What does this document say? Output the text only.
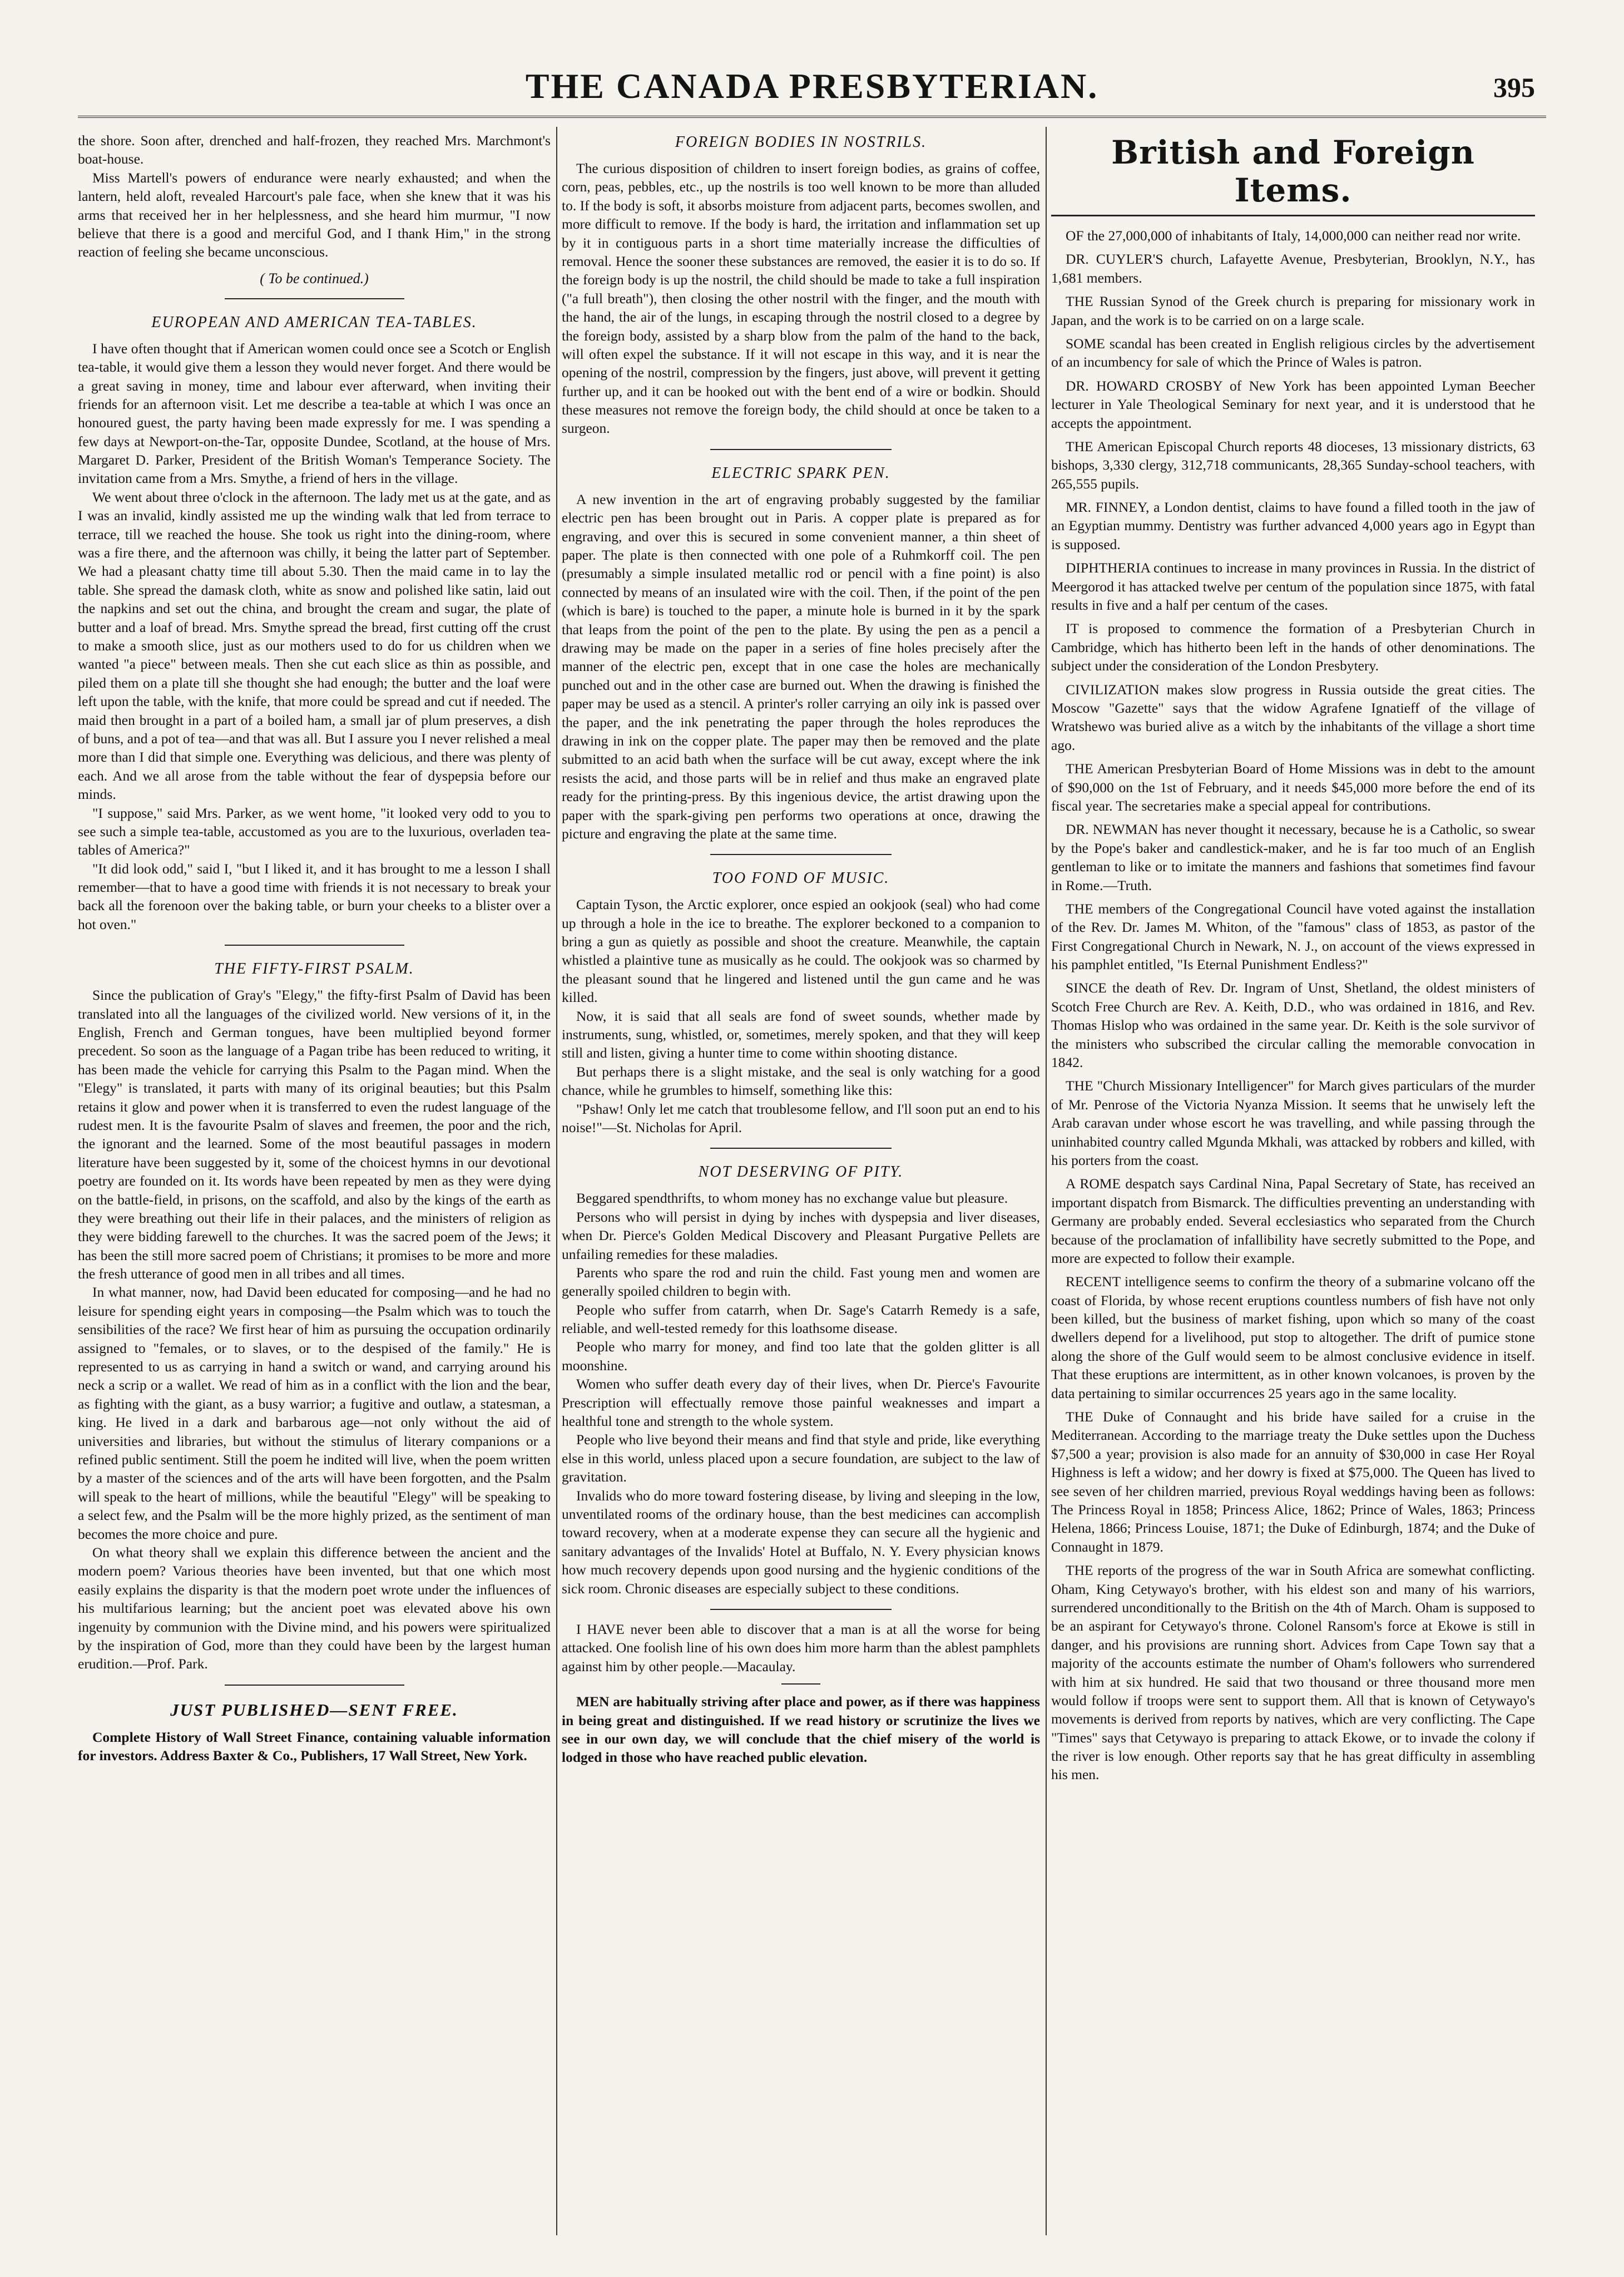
THE CANADA PRESBYTERIAN.	395

the shore. Soon after, drenched and half-frozen, they reached Mrs. Marchmont's boat-house.

Miss Martell's powers of endurance were nearly exhausted; and when the lantern, held aloft, revealed Harcourt's pale face, when she knew that it was his arms that received her in her helplessness, and she heard him murmur, "I now believe that there is a good and merciful God, and I thank Him," in the strong reaction of feeling she became unconscious.

( To be continued.)
EUROPEAN AND AMERICAN TEA-TABLES.

I have often thought that if American women could once see a Scotch or English tea-table, it would give them a lesson they would never forget. And there would be a great saving in money, time and labour ever afterward, when inviting their friends for an afternoon visit. Let me describe a tea-table at which I was once an honoured guest, the party having been made expressly for me. I was spending a few days at Newport-on-the-Tar, opposite Dundee, Scotland, at the house of Mrs. Margaret D. Parker, President of the British Woman's Temperance Society. The invitation came from a Mrs. Smythe, a friend of hers in the village.

We went about three o'clock in the afternoon. The lady met us at the gate, and as I was an invalid, kindly assisted me up the winding walk that led from terrace to terrace, till we reached the house. She took us right into the dining-room, where was a fire there, and the afternoon was chilly, it being the latter part of September. We had a pleasant chatty time till about 5.30. Then the maid came in to lay the table. She spread the damask cloth, white as snow and polished like satin, laid out the napkins and set out the china, and brought the cream and sugar, the plate of butter and a loaf of bread. Mrs. Smythe spread the bread, first cutting off the crust to make a smooth slice, just as our mothers used to do for us children when we wanted "a piece" between meals. Then she cut each slice as thin as possible, and piled them on a plate till she thought she had enough; the butter and the loaf were left upon the table, with the knife, that more could be spread and cut if needed. The maid then brought in a part of a boiled ham, a small jar of plum preserves, a dish of buns, and a pot of tea—and that was all. But I assure you I never relished a meal more than I did that simple one. Everything was delicious, and there was plenty of each. And we all arose from the table without the fear of dyspepsia before our minds.

"I suppose," said Mrs. Parker, as we went home, "it looked very odd to you to see such a simple tea-table, accustomed as you are to the luxurious, overladen tea-tables of America?"

"It did look odd," said I, "but I liked it, and it has brought to me a lesson I shall remember—that to have a good time with friends it is not necessary to break your back all the forenoon over the baking table, or burn your cheeks to a blister over a hot oven."

THE FIFTY-FIRST PSALM.

Since the publication of Gray's "Elegy," the fifty-first Psalm of David has been translated into all the languages of the civilized world. New versions of it, in the English, French and German tongues, have been multiplied beyond former precedent. So soon as the language of a Pagan tribe has been reduced to writing, it has been made the vehicle for carrying this Psalm to the Pagan mind. When the "Elegy" is translated, it parts with many of its original beauties; but this Psalm retains it glow and power when it is transferred to even the rudest language of the rudest men. It is the favourite Psalm of slaves and freemen, the poor and the rich, the ignorant and the learned. Some of the most beautiful passages in modern literature have been suggested by it, some of the choicest hymns in our devotional poetry are founded on it. Its words have been repeated by men as they were dying on the battle-field, in prisons, on the scaffold, and also by the kings of the earth as they were breathing out their life in their palaces, and the ministers of religion as they were bidding farewell to the churches. It was the sacred poem of the Jews; it has been the still more sacred poem of Christians; it promises to be more and more the fresh utterance of good men in all tribes and all times.

In what manner, now, had David been educated for composing—and he had no leisure for spending eight years in composing—the Psalm which was to touch the sensibilities of the race? We first hear of him as pursuing the occupation ordinarily assigned to "females, or to slaves, or to the despised of the family." He is represented to us as carrying in hand a switch or wand, and carrying around his neck a scrip or a wallet. We read of him as in a conflict with the lion and the bear, as fighting with the giant, as a busy warrior; a fugitive and outlaw, a statesman, a king. He lived in a dark and barbarous age—not only without the aid of universities and libraries, but without the stimulus of literary companions or a refined public sentiment. Still the poem he indited will live, when the poem written by a master of the sciences and of the arts will have been forgotten, and the Psalm will speak to the heart of millions, while the beautiful "Elegy" will be speaking to a select few, and the Psalm will be the more highly prized, as the sentiment of man becomes the more choice and pure.

On what theory shall we explain this difference between the ancient and the modern poem? Various theories have been invented, but that one which most easily explains the disparity is that the modern poet wrote under the influences of his multifarious learning; but the ancient poet was elevated above his own ingenuity by communion with the Divine mind, and his powers were spiritualized by the inspiration of God, more than they could have been by the largest human erudition.—Prof. Park.

JUST PUBLISHED—SENT FREE.

Complete History of Wall Street Finance, containing valuable information for investors. Address Baxter & Co., Publishers, 17 Wall Street, New York.

FOREIGN BODIES IN NOSTRILS.

The curious disposition of children to insert foreign bodies, as grains of coffee, corn, peas, pebbles, etc., up the nostrils is too well known to be more than alluded to. If the body is soft, it absorbs moisture from adjacent parts, becomes swollen, and more difficult to remove. If the body is hard, the irritation and inflammation set up by it in contiguous parts in a short time materially increase the difficulties of removal. Hence the sooner these substances are removed, the easier it is to do so. If the foreign body is up the nostril, the child should be made to take a full inspiration ("a full breath"), then closing the other nostril with the finger, and the mouth with the hand, the air of the lungs, in escaping through the nostril closed to a degree by the foreign body, assisted by a sharp blow from the palm of the hand to the back, will often expel the substance. If it will not escape in this way, and it is near the opening of the nostril, compression by the fingers, just above, will prevent it getting further up, and it can be hooked out with the bent end of a wire or bodkin. Should these measures not remove the foreign body, the child should at once be taken to a surgeon.

ELECTRIC SPARK PEN.

A new invention in the art of engraving probably suggested by the familiar electric pen has been brought out in Paris. A copper plate is prepared as for engraving, and over this is secured in some convenient manner, a thin sheet of paper. The plate is then connected with one pole of a Ruhmkorff coil. The pen (presumably a simple insulated metallic rod or pencil with a fine point) is also connected by means of an insulated wire with the coil. Then, if the point of the pen (which is bare) is touched to the paper, a minute hole is burned in it by the spark that leaps from the point of the pen to the plate. By using the pen as a pencil a drawing may be made on the paper in a series of fine holes precisely after the manner of the electric pen, except that in one case the holes are mechanically punched out and in the other case are burned out. When the drawing is finished the paper may be used as a stencil. A printer's roller carrying an oily ink is passed over the paper, and the ink penetrating the paper through the holes reproduces the drawing in ink on the copper plate. The paper may then be removed and the plate submitted to an acid bath when the surface will be cut away, except where the ink resists the acid, and those parts will be in relief and thus make an engraved plate ready for the printing-press. By this ingenious device, the artist drawing upon the paper with the spark-giving pen performs two operations at once, drawing the picture and engraving the plate at the same time.

TOO FOND OF MUSIC.

Captain Tyson, the Arctic explorer, once espied an ookjook (seal) who had come up through a hole in the ice to breathe. The explorer beckoned to a companion to bring a gun as quietly as possible and shoot the creature. Meanwhile, the captain whistled a plaintive tune as musically as he could. The ookjook was so charmed by the pleasant sound that he lingered and listened until the gun came and he was killed.

Now, it is said that all seals are fond of sweet sounds, whether made by instruments, sung, whistled, or, sometimes, merely spoken, and that they will keep still and listen, giving a hunter time to come within shooting distance.

But perhaps there is a slight mistake, and the seal is only watching for a good chance, while he grumbles to himself, something like this:

"Pshaw! Only let me catch that troublesome fellow, and I'll soon put an end to his noise!"—St. Nicholas for April.

NOT DESERVING OF PITY.

Beggared spendthrifts, to whom money has no exchange value but pleasure.

Persons who will persist in dying by inches with dyspepsia and liver diseases, when Dr. Pierce's Golden Medical Discovery and Pleasant Purgative Pellets are unfailing remedies for these maladies.

Parents who spare the rod and ruin the child. Fast young men and women are generally spoiled children to begin with.

People who suffer from catarrh, when Dr. Sage's Catarrh Remedy is a safe, reliable, and well-tested remedy for this loathsome disease.

People who marry for money, and find too late that the golden glitter is all moonshine.

Women who suffer death every day of their lives, when Dr. Pierce's Favourite Prescription will effectually remove those painful weaknesses and impart a healthful tone and strength to the whole system.

People who live beyond their means and find that style and pride, like everything else in this world, unless placed upon a secure foundation, are subject to the law of gravitation.

Invalids who do more toward fostering disease, by living and sleeping in the low, unventilated rooms of the ordinary house, than the best medicines can accomplish toward recovery, when at a moderate expense they can secure all the hygienic and sanitary advantages of the Invalids' Hotel at Buffalo, N. Y. Every physician knows how much recovery depends upon good nursing and the hygienic conditions of the sick room. Chronic diseases are especially subject to these conditions.

I HAVE never been able to discover that a man is at all the worse for being attacked. One foolish line of his own does him more harm than the ablest pamphlets against him by other people.—Macaulay.

MEN are habitually striving after place and power, as if there was happiness in being great and distinguished. If we read history or scrutinize the lives we see in our own day, we will conclude that the chief misery of the world is lodged in those who have reached public elevation.

British and Foreign Items.

OF the 27,000,000 of inhabitants of Italy, 14,000,000 can neither read nor write.

DR. CUYLER'S church, Lafayette Avenue, Presbyterian, Brooklyn, N.Y., has 1,681 members.

THE Russian Synod of the Greek church is preparing for missionary work in Japan, and the work is to be carried on on a large scale.

SOME scandal has been created in English religious circles by the advertisement of an incumbency for sale of which the Prince of Wales is patron.

DR. HOWARD CROSBY of New York has been appointed Lyman Beecher lecturer in Yale Theological Seminary for next year, and it is understood that he accepts the appointment.

THE American Episcopal Church reports 48 dioceses, 13 missionary districts, 63 bishops, 3,330 clergy, 312,718 communicants, 28,365 Sunday-school teachers, with 265,555 pupils.

MR. FINNEY, a London dentist, claims to have found a filled tooth in the jaw of an Egyptian mummy. Dentistry was further advanced 4,000 years ago in Egypt than is supposed.

DIPHTHERIA continues to increase in many provinces in Russia. In the district of Meergorod it has attacked twelve per centum of the population since 1875, with fatal results in five and a half per centum of the cases.

IT is proposed to commence the formation of a Presbyterian Church in Cambridge, which has hitherto been left in the hands of other denominations. The subject under the consideration of the London Presbytery.

CIVILIZATION makes slow progress in Russia outside the great cities. The Moscow "Gazette" says that the widow Agrafene Ignatieff of the village of Wratshewo was buried alive as a witch by the inhabitants of the village a short time ago.

THE American Presbyterian Board of Home Missions was in debt to the amount of $90,000 on the 1st of February, and it needs $45,000 more before the end of its fiscal year. The secretaries make a special appeal for contributions.

DR. NEWMAN has never thought it necessary, because he is a Catholic, so swear by the Pope's baker and candlestick-maker, and he is far too much of an English gentleman to like or to imitate the manners and fashions that sometimes find favour in Rome.—Truth.

THE members of the Congregational Council have voted against the installation of the Rev. Dr. James M. Whiton, of the "famous" class of 1853, as pastor of the First Congregational Church in Newark, N. J., on account of the views expressed in his pamphlet entitled, "Is Eternal Punishment Endless?"

SINCE the death of Rev. Dr. Ingram of Unst, Shetland, the oldest ministers of Scotch Free Church are Rev. A. Keith, D.D., who was ordained in 1816, and Rev. Thomas Hislop who was ordained in the same year. Dr. Keith is the sole survivor of the ministers who subscribed the circular calling the memorable convocation in 1842.

THE "Church Missionary Intelligencer" for March gives particulars of the murder of Mr. Penrose of the Victoria Nyanza Mission. It seems that he unwisely left the Arab caravan under whose escort he was travelling, and while passing through the uninhabited country called Mgunda Mkhali, was attacked by robbers and killed, with his porters from the coast.

A ROME despatch says Cardinal Nina, Papal Secretary of State, has received an important dispatch from Bismarck. The difficulties preventing an understanding with Germany are probably ended. Several ecclesiastics who separated from the Church because of the proclamation of infallibility have secretly submitted to the Pope, and more are expected to follow their example.

RECENT intelligence seems to confirm the theory of a submarine volcano off the coast of Florida, by whose recent eruptions countless numbers of fish have not only been killed, but the business of market fishing, upon which so many of the coast dwellers depend for a livelihood, put stop to altogether. The drift of pumice stone along the shore of the Gulf would seem to be almost conclusive evidence in itself. That these eruptions are intermittent, as in other known volcanoes, is proven by the data pertaining to similar occurrences 25 years ago in the same locality.

THE Duke of Connaught and his bride have sailed for a cruise in the Mediterranean. According to the marriage treaty the Duke settles upon the Duchess $7,500 a year; provision is also made for an annuity of $30,000 in case Her Royal Highness is left a widow; and her dowry is fixed at $75,000. The Queen has lived to see seven of her children married, previous Royal weddings having been as follows: The Princess Royal in 1858; Princess Alice, 1862; Prince of Wales, 1863; Princess Helena, 1866; Princess Louise, 1871; the Duke of Edinburgh, 1874; and the Duke of Connaught in 1879.

THE reports of the progress of the war in South Africa are somewhat conflicting. Oham, King Cetywayo's brother, with his eldest son and many of his warriors, surrendered unconditionally to the British on the 4th of March. Oham is supposed to be an aspirant for Cetywayo's throne. Colonel Ransom's force at Ekowe is still in danger, and his provisions are running short. Advices from Cape Town say that a majority of the accounts estimate the number of Oham's followers who surrendered with him at six hundred. He said that two thousand or three thousand more men would follow if troops were sent to support them. All that is known of Cetywayo's movements is derived from reports by natives, which are very conflicting. The Cape "Times" says that Cetywayo is preparing to attack Ekowe, or to invade the colony if the river is low enough. Other reports say that he has great difficulty in assembling his men.
